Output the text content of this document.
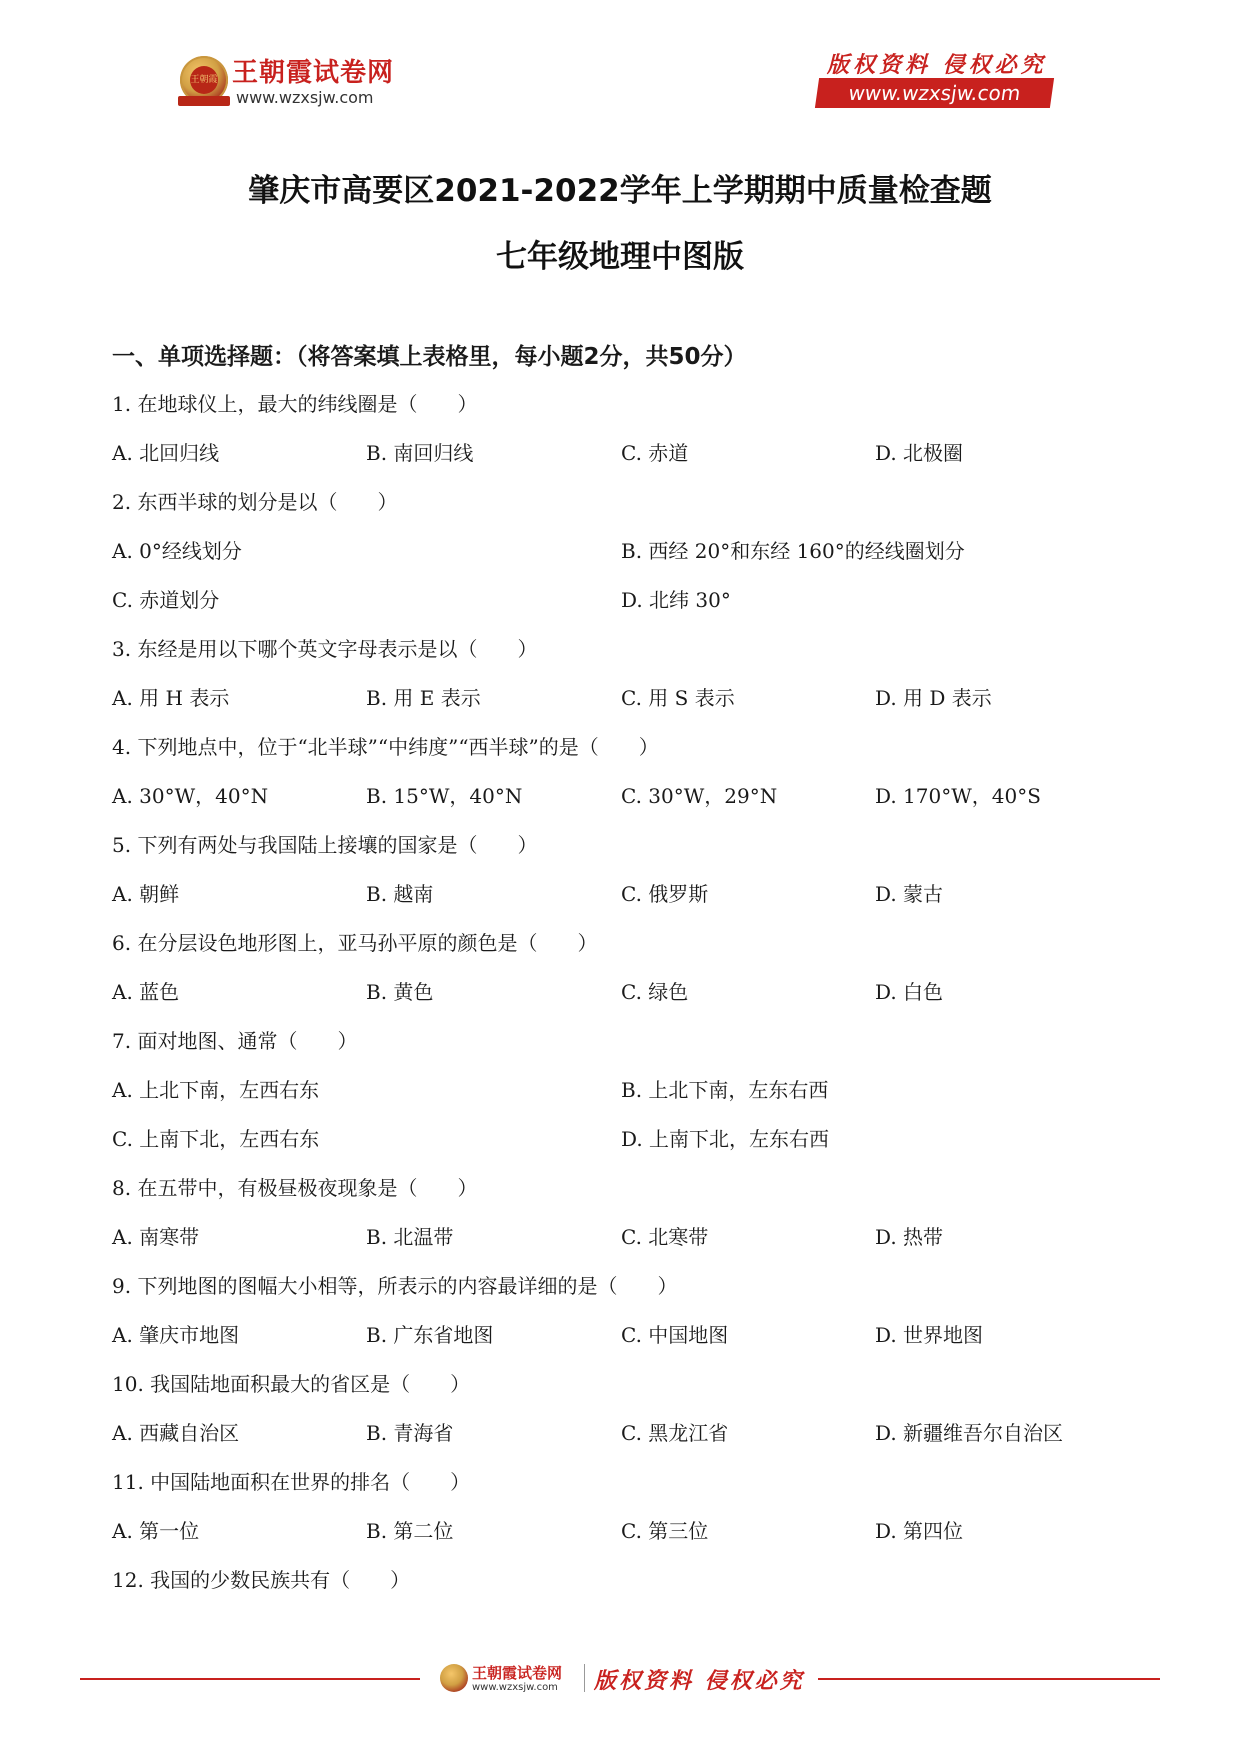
王朝霞 王朝霞试卷网
www.wzxsjw.com
版权资料 侵权必究
www.wzxsjw.com
肇庆市高要区2021-2022学年上学期期中质量检查题
七年级地理中图版
一、单项选择题：（将答案填上表格里，每小题2分，共50分）
1. 在地球仪上，最大的纬线圈是（　　）
A. 北回归线	B. 南回归线	C. 赤道	D. 北极圈
2. 东西半球的划分是以（　　）
A. 0°经线划分	B. 西经 20°和东经 160°的经线圈划分
C. 赤道划分	D. 北纬 30°
3. 东经是用以下哪个英文字母表示是以（　　）
A. 用 H 表示	B. 用 E 表示	C. 用 S 表示	D. 用 D 表示
4. 下列地点中，位于“北半球”“中纬度”“西半球”的是（　　）
A. 30°W，40°N	B. 15°W，40°N	C. 30°W，29°N	D. 170°W，40°S
5. 下列有两处与我国陆上接壤的国家是（　　）
A. 朝鲜	B. 越南	C. 俄罗斯	D. 蒙古
6. 在分层设色地形图上，亚马孙平原的颜色是（　　）
A. 蓝色	B. 黄色	C. 绿色	D. 白色
7. 面对地图、通常（　　）
A. 上北下南，左西右东	B. 上北下南，左东右西
C. 上南下北，左西右东	D. 上南下北，左东右西
8. 在五带中，有极昼极夜现象是（　　）
A. 南寒带	B. 北温带	C. 北寒带	D. 热带
9. 下列地图的图幅大小相等，所表示的内容最详细的是（　　）
A. 肇庆市地图	B. 广东省地图	C. 中国地图	D. 世界地图
10. 我国陆地面积最大的省区是（　　）
A. 西藏自治区	B. 青海省	C. 黑龙江省	D. 新疆维吾尔自治区
11. 中国陆地面积在世界的排名（　　）
A. 第一位	B. 第二位	C. 第三位	D. 第四位
12. 我国的少数民族共有（　　）
王朝霞试卷网
www.wzxsjw.com 版权资料 侵权必究
